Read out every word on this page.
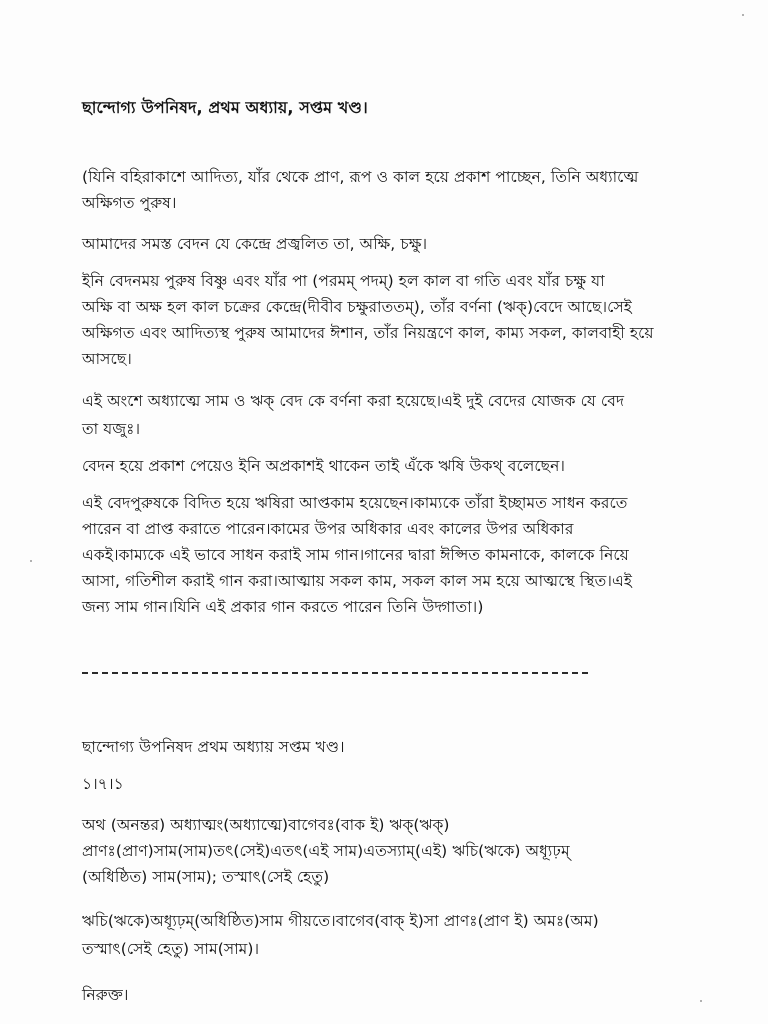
ছান্দোগ্য উপনিষদ, প্রথম অধ্যায়, সপ্তম খণ্ড।
(যিনি বহিরাকাশে আদিত্য, যাঁর থেকে প্রাণ, রূপ ও কাল হয়ে প্রকাশ পাচ্ছেন, তিনি অধ্যাত্মে
অক্ষিগত পুরুষ।
আমাদের সমস্ত বেদন যে কেন্দ্রে প্রজ্বলিত তা, অক্ষি, চক্ষু।
ইনি বেদনময় পুরুষ বিষ্ণু এবং যাঁর পা (পরমম্ পদম্) হল কাল বা গতি এবং যাঁর চক্ষু যা
অক্ষি বা অক্ষ হল কাল চক্রের কেন্দ্রে(দীবীব চক্ষুরাততম্), তাঁর বর্ণনা (ঋক্)বেদে আছে।সেই
অক্ষিগত এবং আদিত্যস্থ পুরুষ আমাদের ঈশান, তাঁর নিয়ন্ত্রণে কাল, কাম্য সকল, কালবাহী হয়ে
আসছে।
এই অংশে অধ্যাত্মে সাম ও ঋক্ বেদ কে বর্ণনা করা হয়েছে।এই দুই বেদের যোজক যে বেদ
তা যজুঃ।
বেদন হয়ে প্রকাশ পেয়েও ইনি অপ্রকাশই থাকেন তাই এঁকে ঋষি উকথ্ বলেছেন।
এই বেদপুরুষকে বিদিত হয়ে ঋষিরা আপ্তকাম হয়েছেন।কাম্যকে তাঁরা ইচ্ছামত সাধন করতে
পারেন বা প্রাপ্ত করাতে পারেন।কামের উপর অধিকার এবং কালের উপর অধিকার
একই।কাম্যকে এই ভাবে সাধন করাই সাম গান।গানের দ্বারা ঈপ্সিত কামনাকে, কালকে নিয়ে
আসা, গতিশীল করাই গান করা।আত্মায় সকল কাম, সকল কাল সম হয়ে আত্মস্থে স্থিত।এই
জন্য সাম গান।যিনি এই প্রকার গান করতে পারেন তিনি উদ্গাতা।)
ছান্দোগ্য উপনিষদ প্রথম অধ্যায় সপ্তম খণ্ড।
১।৭।১
অথ (অনন্তর) অধ্যাত্মং(অধ্যাত্মে)বাগেবঃ(বাক ই) ঋক্(ঋক্)
প্রাণঃ(প্রাণ)সাম(সাম)তৎ(সেই)এতৎ(এই সাম)এতস্যাম্(এই) ঋচি(ঋকে) অধ্যূঢ়ম্
(অধিষ্ঠিত) সাম(সাম); তস্মাৎ(সেই হেতু)
ঋচি(ঋকে)অধ্যূঢ়ম্(অধিষ্ঠিত)সাম গীয়তে।বাগেব(বাক্ ই)সা প্রাণঃ(প্রাণ ই) অমঃ(অম)
তস্মাৎ(সেই হেতু) সাম(সাম)।
নিরুক্ত।
